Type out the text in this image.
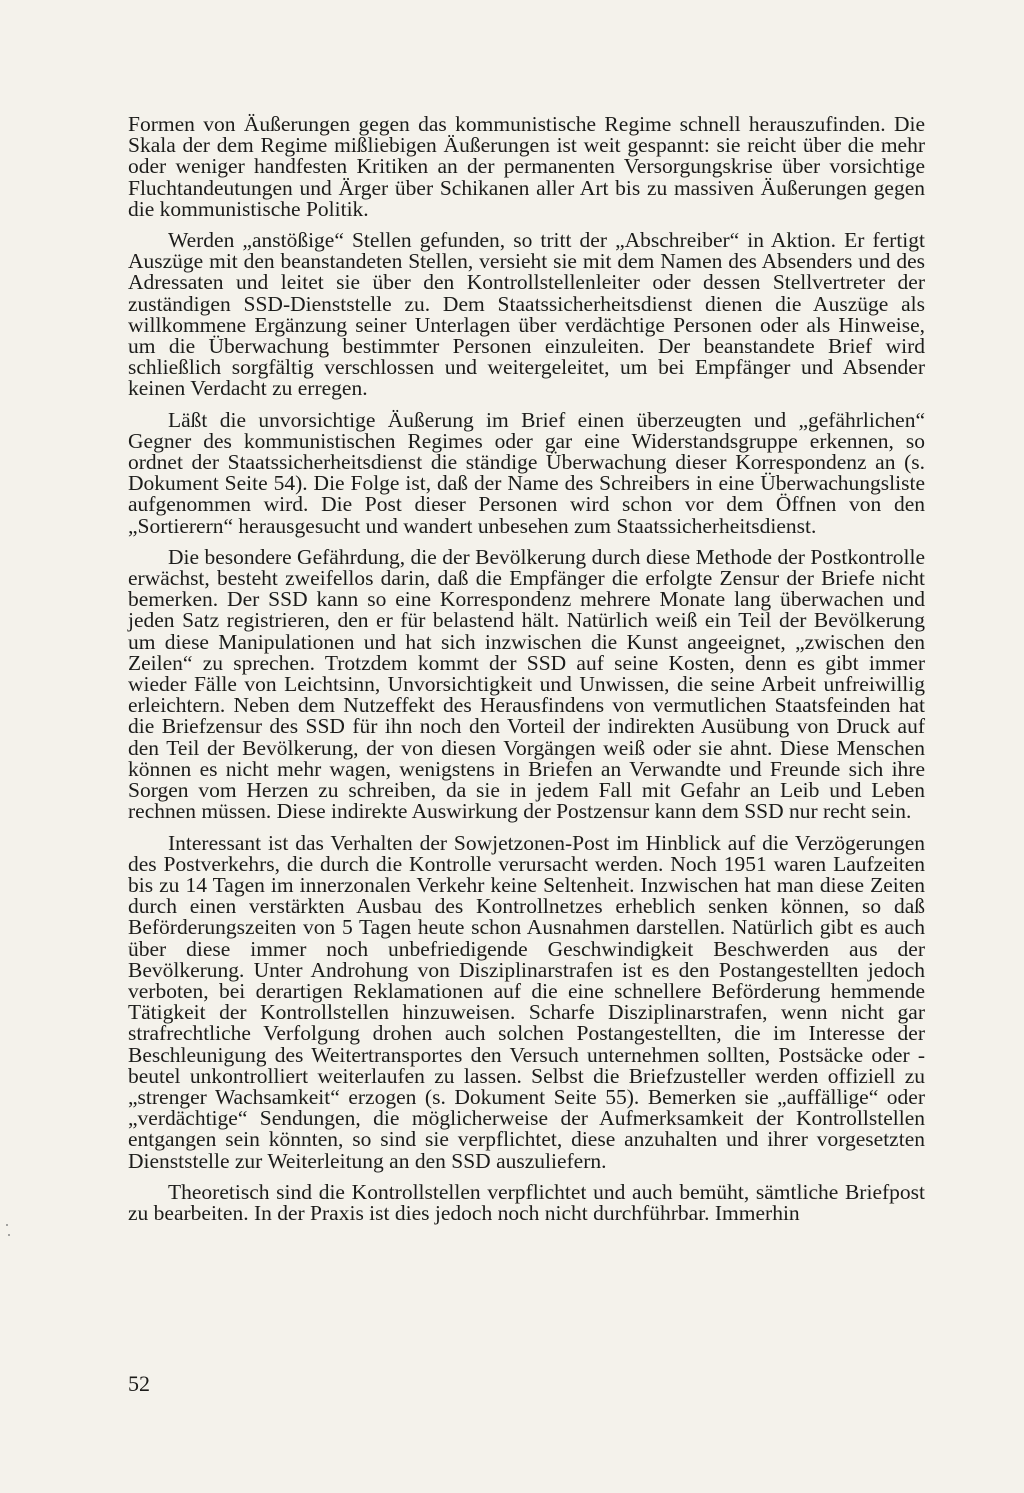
Formen von Äußerungen gegen das kommunistische Regime schnell herauszufinden. Die Skala der dem Regime mißliebigen Äußerungen ist weit gespannt: sie reicht über die mehr oder weniger handfesten Kritiken an der permanenten Versorgungskrise über vorsichtige Fluchtandeutungen und Ärger über Schikanen aller Art bis zu massiven Äußerungen gegen die kommunistische Politik.

Werden „anstößige“ Stellen gefunden, so tritt der „Abschreiber“ in Aktion. Er fertigt Auszüge mit den beanstandeten Stellen, versieht sie mit dem Namen des Absenders und des Adressaten und leitet sie über den Kontrollstellenleiter oder dessen Stellvertreter der zuständigen SSD-Dienststelle zu. Dem Staatssicherheitsdienst dienen die Auszüge als willkommene Ergänzung seiner Unterlagen über verdächtige Personen oder als Hinweise, um die Überwachung bestimmter Personen einzuleiten. Der beanstandete Brief wird schließlich sorgfältig verschlossen und weitergeleitet, um bei Empfänger und Absender keinen Verdacht zu erregen.

Läßt die unvorsichtige Äußerung im Brief einen überzeugten und „gefährlichen“ Gegner des kommunistischen Regimes oder gar eine Widerstandsgruppe erkennen, so ordnet der Staatssicherheitsdienst die ständige Überwachung dieser Korrespondenz an (s. Dokument Seite 54). Die Folge ist, daß der Name des Schreibers in eine Überwachungsliste aufgenommen wird. Die Post dieser Personen wird schon vor dem Öffnen von den „Sortierern“ herausgesucht und wandert unbesehen zum Staatssicherheitsdienst.

Die besondere Gefährdung, die der Bevölkerung durch diese Methode der Postkontrolle erwächst, besteht zweifellos darin, daß die Empfänger die erfolgte Zensur der Briefe nicht bemerken. Der SSD kann so eine Korrespondenz mehrere Monate lang überwachen und jeden Satz registrieren, den er für belastend hält. Natürlich weiß ein Teil der Bevölkerung um diese Manipulationen und hat sich inzwischen die Kunst angeeignet, „zwischen den Zeilen“ zu sprechen. Trotzdem kommt der SSD auf seine Kosten, denn es gibt immer wieder Fälle von Leichtsinn, Unvorsichtigkeit und Unwissen, die seine Arbeit unfreiwillig erleichtern. Neben dem Nutzeffekt des Herausfindens von vermutlichen Staatsfeinden hat die Briefzensur des SSD für ihn noch den Vorteil der indirekten Ausübung von Druck auf den Teil der Bevölkerung, der von diesen Vorgängen weiß oder sie ahnt. Diese Menschen können es nicht mehr wagen, wenigstens in Briefen an Verwandte und Freunde sich ihre Sorgen vom Herzen zu schreiben, da sie in jedem Fall mit Gefahr an Leib und Leben rechnen müssen. Diese indirekte Auswirkung der Postzensur kann dem SSD nur recht sein.

Interessant ist das Verhalten der Sowjetzonen-Post im Hinblick auf die Verzögerungen des Postverkehrs, die durch die Kontrolle verursacht werden. Noch 1951 waren Laufzeiten bis zu 14 Tagen im innerzonalen Verkehr keine Seltenheit. Inzwischen hat man diese Zeiten durch einen verstärkten Ausbau des Kontrollnetzes erheblich senken können, so daß Beförderungszeiten von 5 Tagen heute schon Ausnahmen darstellen. Natürlich gibt es auch über diese immer noch unbefriedigende Geschwindigkeit Beschwerden aus der Bevölkerung. Unter Androhung von Disziplinarstrafen ist es den Postangestellten jedoch verboten, bei derartigen Reklamationen auf die eine schnellere Beförderung hemmende Tätigkeit der Kontrollstellen hinzuweisen. Scharfe Disziplinarstrafen, wenn nicht gar strafrechtliche Verfolgung drohen auch solchen Postangestellten, die im Interesse der Beschleunigung des Weitertransportes den Versuch unternehmen sollten, Postsäcke oder -beutel unkontrolliert weiterlaufen zu lassen. Selbst die Briefzusteller werden offiziell zu „strenger Wachsamkeit“ erzogen (s. Dokument Seite 55). Bemerken sie „auffällige“ oder „verdächtige“ Sendungen, die möglicherweise der Aufmerksamkeit der Kontrollstellen entgangen sein könnten, so sind sie verpflichtet, diese anzuhalten und ihrer vorgesetzten Dienststelle zur Weiterleitung an den SSD auszuliefern.

Theoretisch sind die Kontrollstellen verpflichtet und auch bemüht, sämtliche Briefpost zu bearbeiten. In der Praxis ist dies jedoch noch nicht durchführbar. Immerhin

52
